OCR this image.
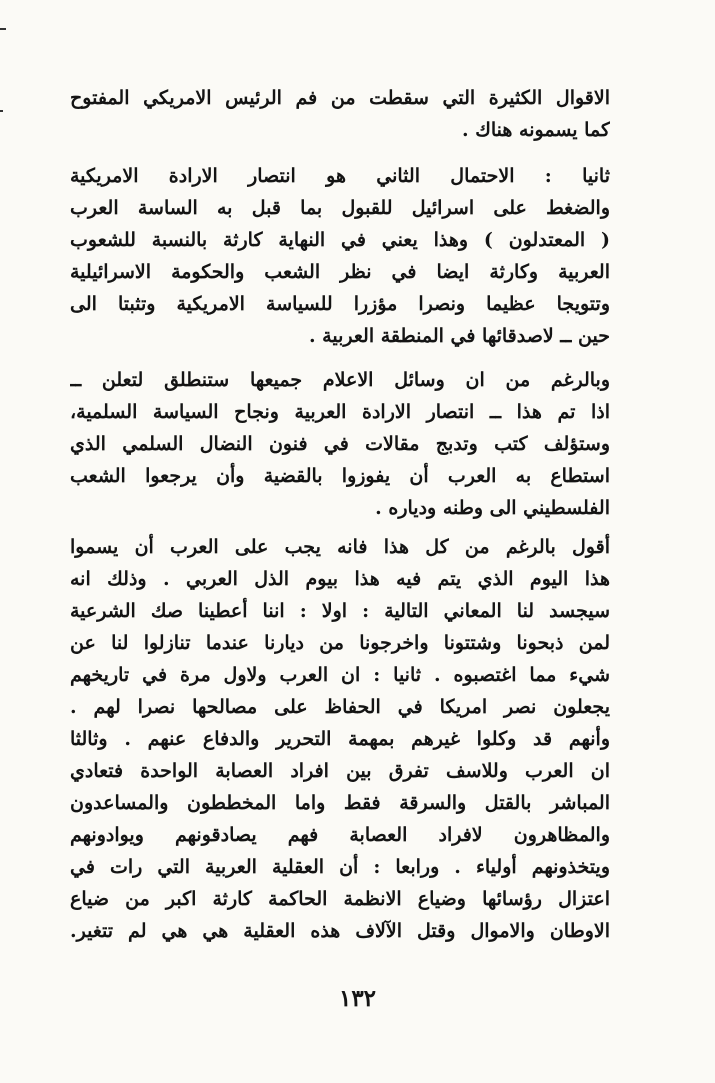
الاقوال الكثيرة التي سقطت من فم الرئيس الامريكي المفتوح
كما يسمونه هناك .
ثانيا : الاحتمال الثاني هو انتصار الارادة الامريكية
والضغط على اسرائيل للقبول بما قبل به الساسة العرب
( المعتدلون ) وهذا يعني في النهاية كارثة بالنسبة للشعوب
العربية وكارثة ايضا في نظر الشعب والحكومة الاسرائيلية
وتتويجا عظيما ونصرا مؤزرا للسياسة الامريكية وتثبتا الى
حين ــ لاصدقائها في المنطقة العربية .
وبالرغم من ان وسائل الاعلام جميعها ستنطلق لتعلن ــ
اذا تم هذا ــ انتصار الارادة العربية ونجاح السياسة السلمية،
وستؤلف كتب وتدبج مقالات في فنون النضال السلمي الذي
استطاع به العرب أن يفوزوا بالقضية وأن يرجعوا الشعب
الفلسطيني الى وطنه ودياره .
أقول بالرغم من كل هذا فانه يجب على العرب أن يسموا
هذا اليوم الذي يتم فيه هذا بيوم الذل العربي . وذلك انه
سيجسد لنا المعاني التالية : اولا : اننا أعطينا صك الشرعية
لمن ذبحونا وشتتونا واخرجونا من ديارنا عندما تنازلوا لنا عن
شيء مما اغتصبوه . ثانيا : ان العرب ولاول مرة في تاريخهم
يجعلون نصر امريكا في الحفاظ على مصالحها نصرا لهم .
وأنهم قد وكلوا غيرهم بمهمة التحرير والدفاع عنهم . وثالثا
ان العرب وللاسف تفرق بين افراد العصابة الواحدة فتعادي
المباشر بالقتل والسرقة فقط واما المخططون والمساعدون
والمظاهرون لافراد العصابة فهم يصادقونهم ويوادونهم
ويتخذونهم أولياء . ورابعا : أن العقلية العربية التي رات في
اعتزال رؤسائها وضياع الانظمة الحاكمة كارثة اكبر من ضياع
الاوطان والاموال وقتل الآلاف هذه العقلية هي هي لم تتغير.
١٣٢
